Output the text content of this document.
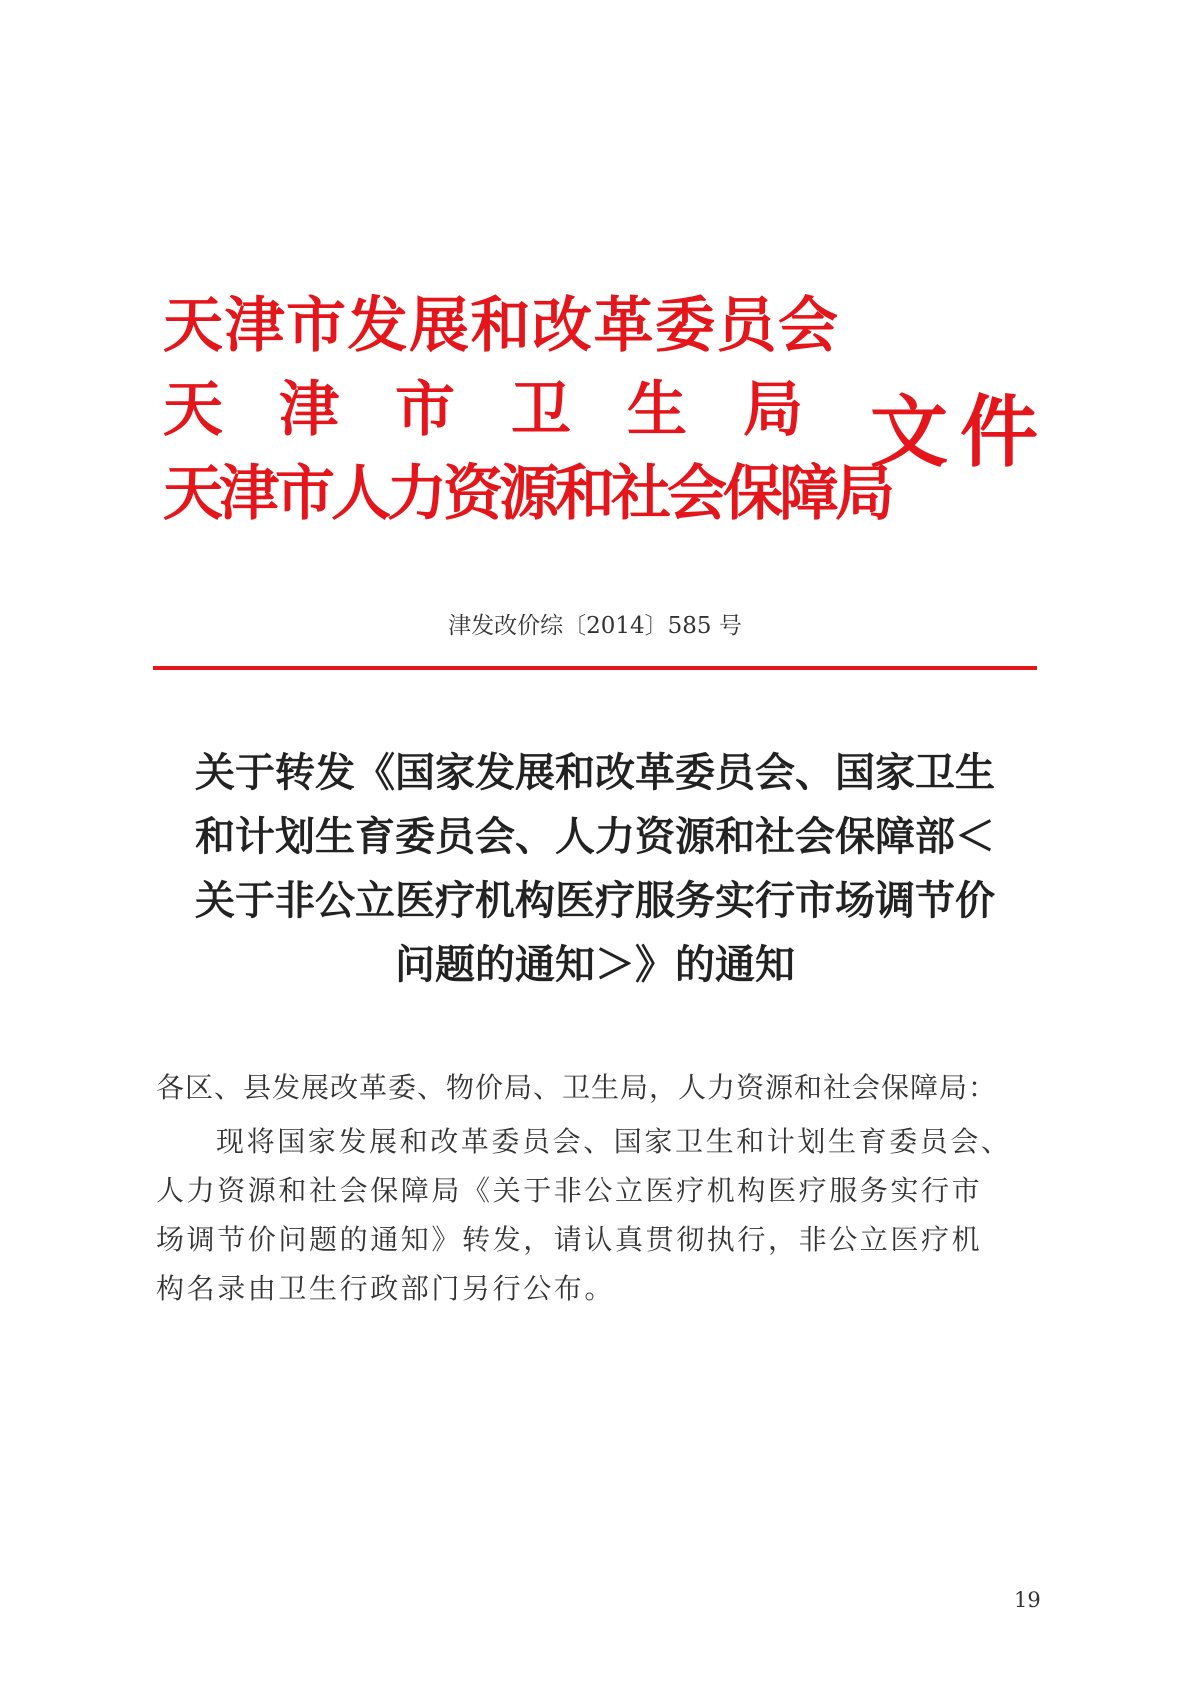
天津市发展和改革委员会
天津市卫生局
天津市人力资源和社会保障局
文件
津发改价综〔2014〕585 号
关于转发《国家发展和改革委员会、国家卫生
和计划生育委员会、人力资源和社会保障部＜
关于非公立医疗机构医疗服务实行市场调节价
问题的通知＞》的通知
各区、县发展改革委、物价局、卫生局，人力资源和社会保障局：
现将国家发展和改革委员会、国家卫生和计划生育委员会、
人力资源和社会保障局《关于非公立医疗机构医疗服务实行市
场调节价问题的通知》转发，请认真贯彻执行，非公立医疗机
构名录由卫生行政部门另行公布。
19
